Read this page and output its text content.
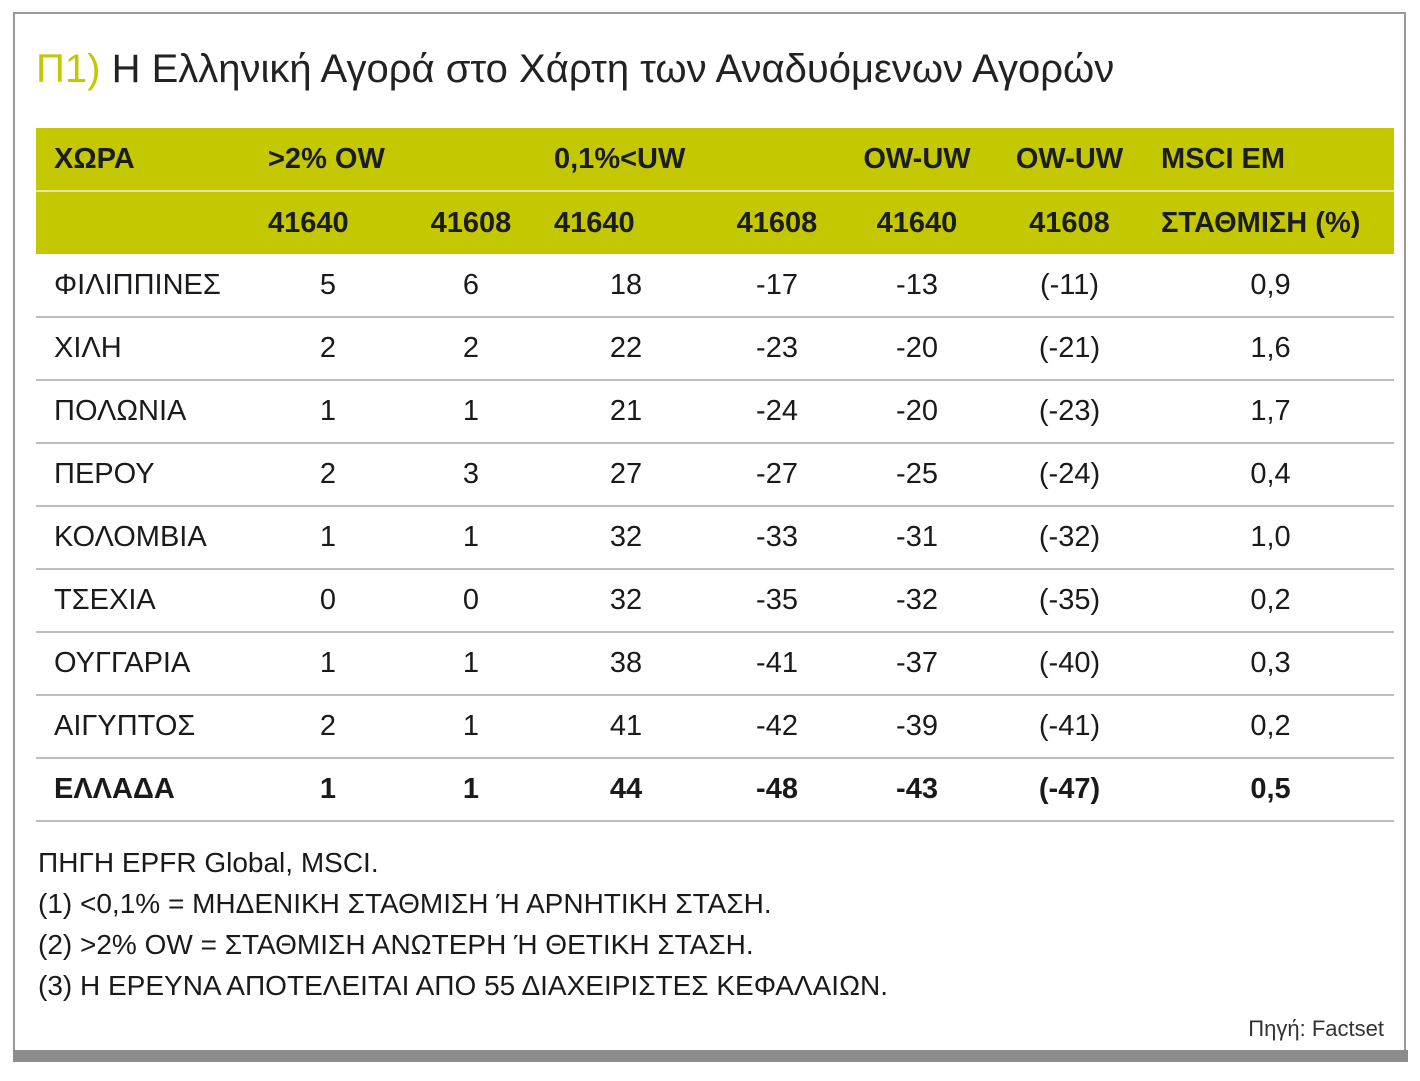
Π1) Η Ελληνική Αγορά στο Χάρτη των Αναδυόμενων Αγορών
ΧΩΡΑ	>2% OW		0,1%<UW		OW-UW	OW-UW	MSCI EM
	41640	41608	41640	41608	41640	41608	ΣΤΑΘΜΙΣΗ (%)
ΦΙΛΙΠΠΙΝΕΣ	5	6	18	-17	-13	(-11)	0,9
ΧΙΛΗ	2	2	22	-23	-20	(-21)	1,6
ΠΟΛΩΝΙΑ	1	1	21	-24	-20	(-23)	1,7
ΠΕΡΟΥ	2	3	27	-27	-25	(-24)	0,4
ΚΟΛΟΜΒΙΑ	1	1	32	-33	-31	(-32)	1,0
ΤΣΕΧΙΑ	0	0	32	-35	-32	(-35)	0,2
ΟΥΓΓΑΡΙΑ	1	1	38	-41	-37	(-40)	0,3
ΑΙΓΥΠΤΟΣ	2	1	41	-42	-39	(-41)	0,2
ΕΛΛΑΔΑ	1	1	44	-48	-43	(-47)	0,5
ΠΗΓΗ EPFR Global, MSCI.
(1) <0,1% = ΜΗΔΕΝΙΚΗ ΣΤΑΘΜΙΣΗ Ή ΑΡΝΗΤΙΚΗ ΣΤΑΣΗ.
(2) >2% OW = ΣΤΑΘΜΙΣΗ ΑΝΩΤΕΡΗ Ή ΘΕΤΙΚΗ ΣΤΑΣΗ.
(3) Η ΕΡΕΥΝΑ ΑΠΟΤΕΛΕΙΤΑΙ ΑΠΟ 55 ΔΙΑΧΕΙΡΙΣΤΕΣ ΚΕΦΑΛΑΙΩΝ.
Πηγή: Factset
